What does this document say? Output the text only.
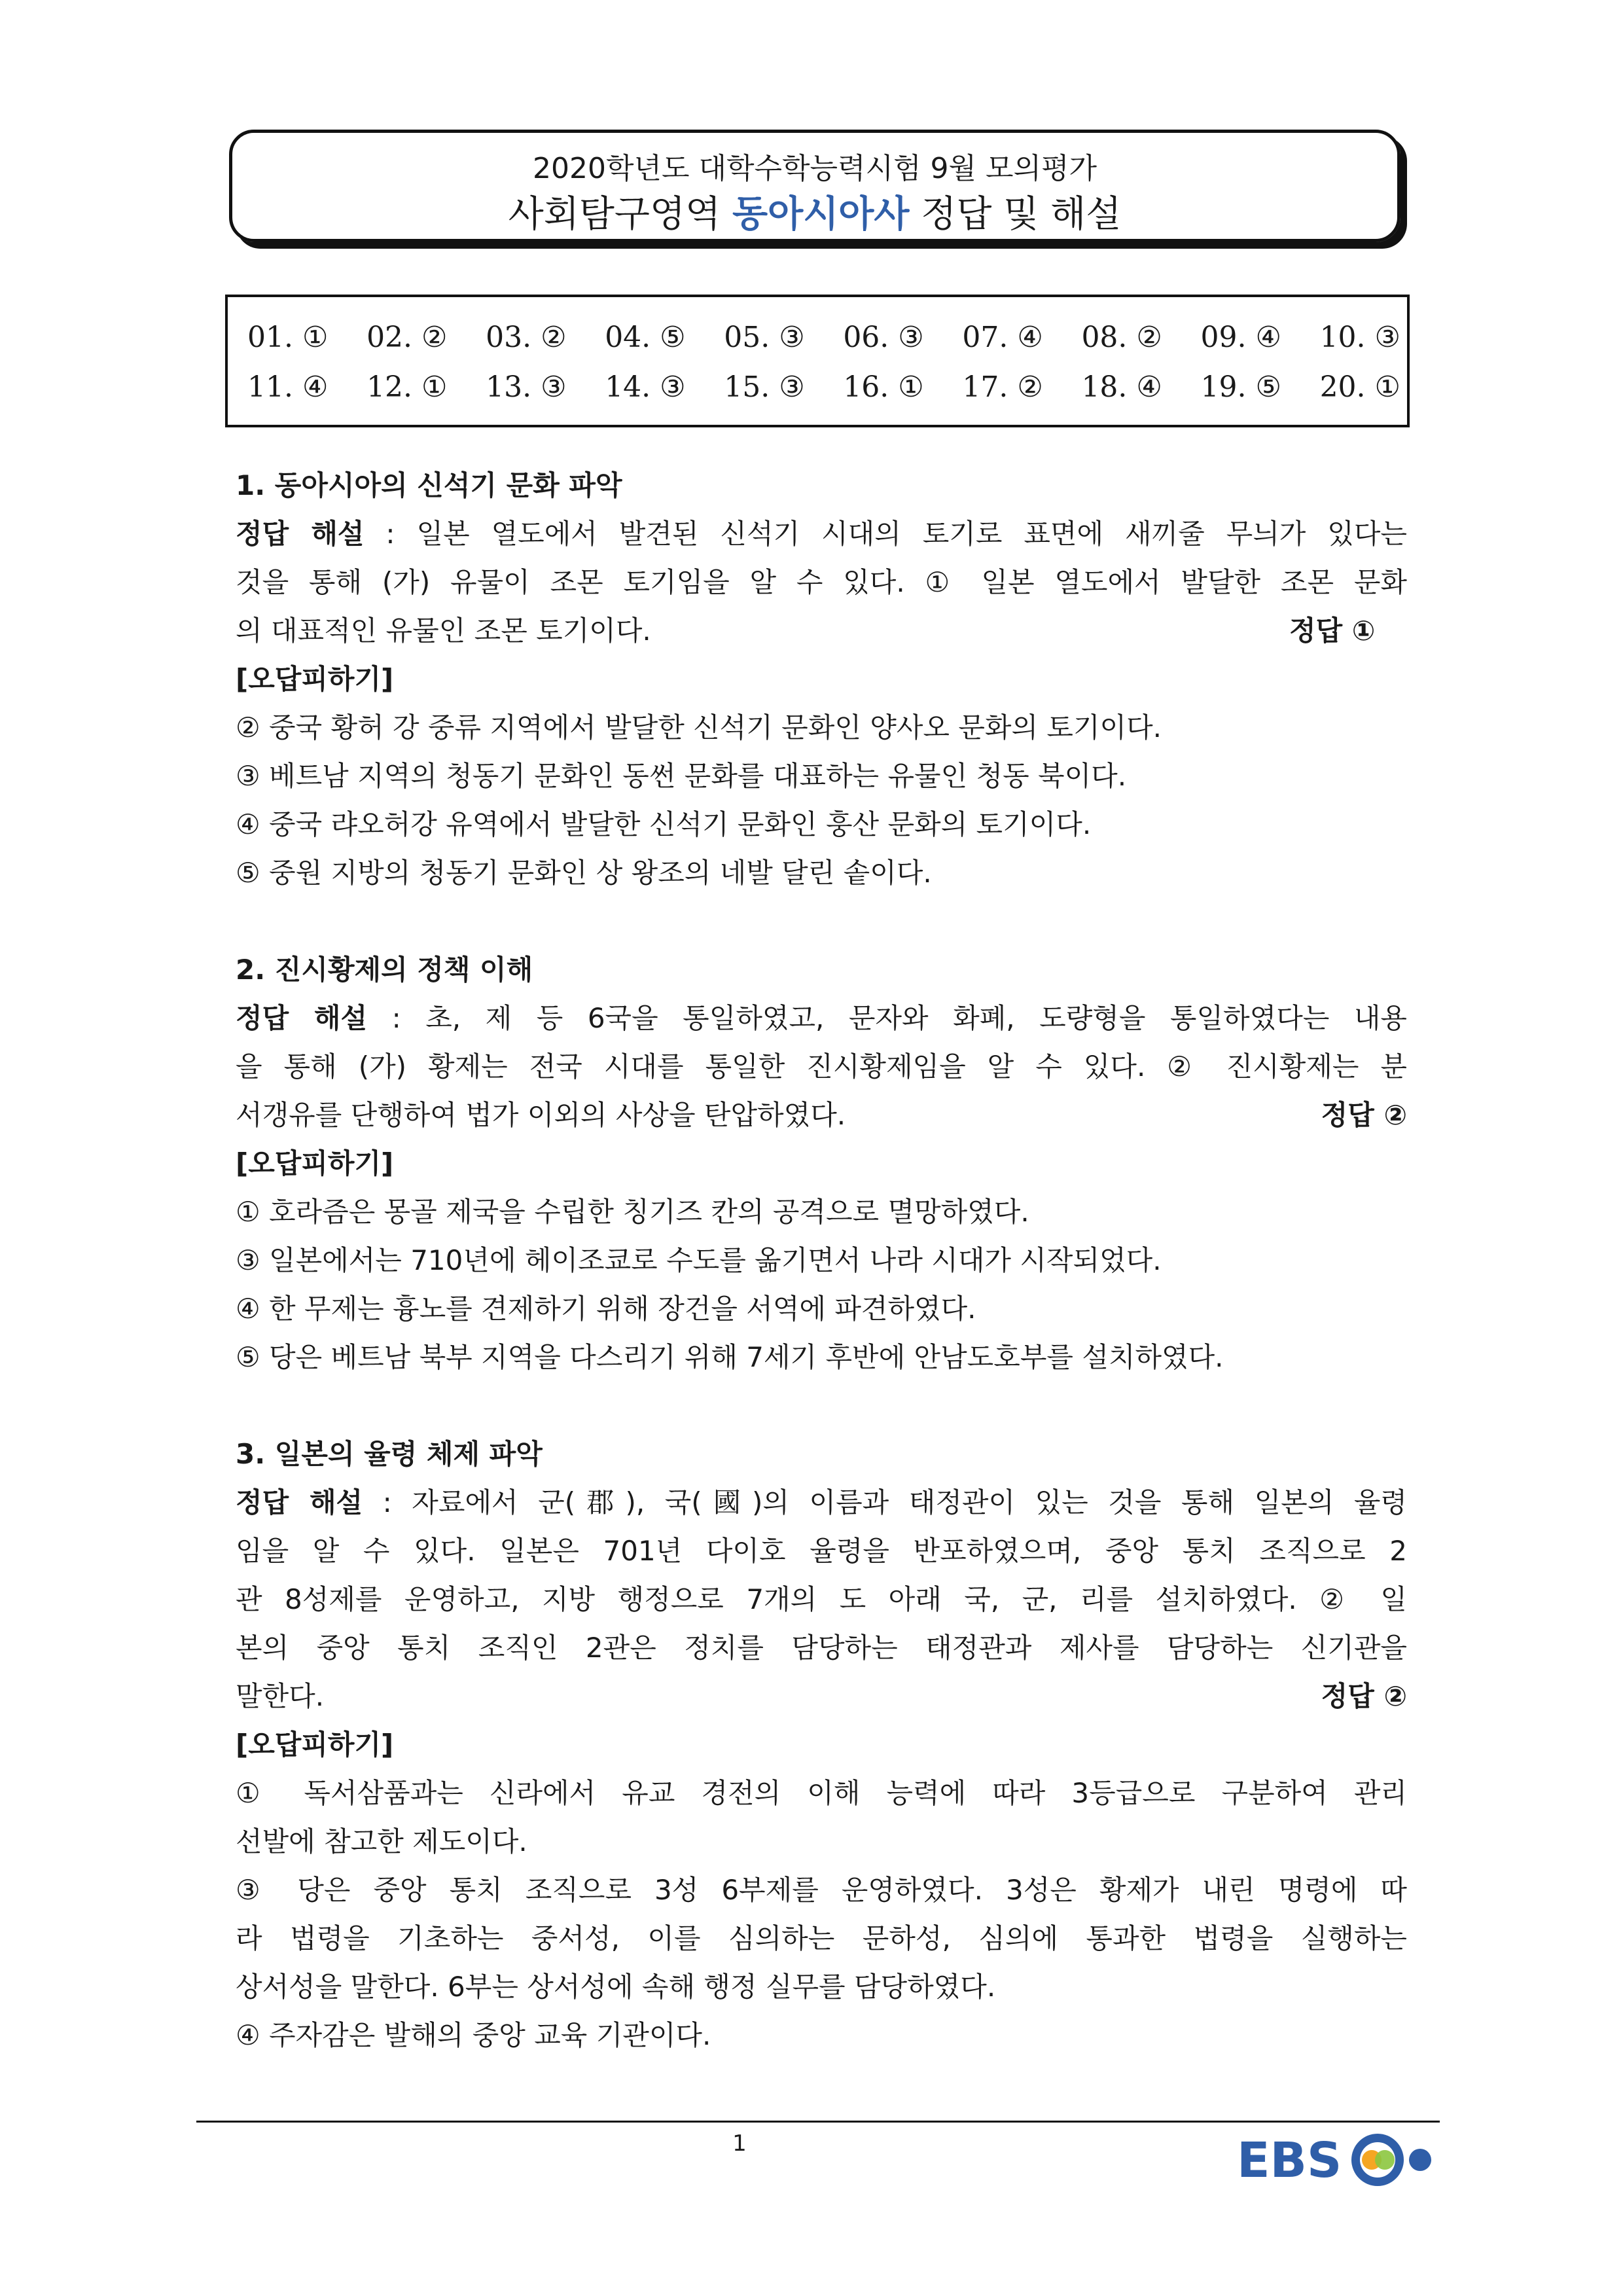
2020학년도 대학수학능력시험 9월 모의평가
사회탐구영역 동아시아사 정답 및 해설
01. ① 02. ② 03. ② 04. ⑤ 05. ③ 06. ③ 07. ④ 08. ② 09. ④ 10. ③
11. ④ 12. ① 13. ③ 14. ③ 15. ③ 16. ① 17. ② 18. ④ 19. ⑤ 20. ①
1. 동아시아의 신석기 문화 파악
정답 해설 : 일본 열도에서 발견된 신석기 시대의 토기로 표면에 새끼줄 무늬가 있다는
것을 통해 (가) 유물이 조몬 토기임을 알 수 있다. ① 일본 열도에서 발달한 조몬 문화
의 대표적인 유물인 조몬 토기이다.	정답 ①
[오답피하기]
② 중국 황허 강 중류 지역에서 발달한 신석기 문화인 양사오 문화의 토기이다.
③ 베트남 지역의 청동기 문화인 동썬 문화를 대표하는 유물인 청동 북이다.
④ 중국 랴오허강 유역에서 발달한 신석기 문화인 훙산 문화의 토기이다.
⑤ 중원 지방의 청동기 문화인 상 왕조의 네발 달린 솥이다.
2. 진시황제의 정책 이해
정답 해설 : 초, 제 등 6국을 통일하였고, 문자와 화폐, 도량형을 통일하였다는 내용
을 통해 (가) 황제는 전국 시대를 통일한 진시황제임을 알 수 있다. ② 진시황제는 분
서갱유를 단행하여 법가 이외의 사상을 탄압하였다.	정답 ②
[오답피하기]
① 호라즘은 몽골 제국을 수립한 칭기즈 칸의 공격으로 멸망하였다.
③ 일본에서는 710년에 헤이조쿄로 수도를 옮기면서 나라 시대가 시작되었다.
④ 한 무제는 흉노를 견제하기 위해 장건을 서역에 파견하였다.
⑤ 당은 베트남 북부 지역을 다스리기 위해 7세기 후반에 안남도호부를 설치하였다.
3. 일본의 율령 체제 파악
정답 해설 : 자료에서 군(郡), 국(國)의 이름과 태정관이 있는 것을 통해 일본의 율령
임을 알 수 있다. 일본은 701년 다이호 율령을 반포하였으며, 중앙 통치 조직으로 2
관 8성제를 운영하고, 지방 행정으로 7개의 도 아래 국, 군, 리를 설치하였다. ② 일
본의 중앙 통치 조직인 2관은 정치를 담당하는 태정관과 제사를 담당하는 신기관을
말한다.	정답 ②
[오답피하기]
① 독서삼품과는 신라에서 유교 경전의 이해 능력에 따라 3등급으로 구분하여 관리
선발에 참고한 제도이다.
③ 당은 중앙 통치 조직으로 3성 6부제를 운영하였다. 3성은 황제가 내린 명령에 따
라 법령을 기초하는 중서성, 이를 심의하는 문하성, 심의에 통과한 법령을 실행하는
상서성을 말한다. 6부는 상서성에 속해 행정 실무를 담당하였다.
④ 주자감은 발해의 중앙 교육 기관이다.
1	EBS
